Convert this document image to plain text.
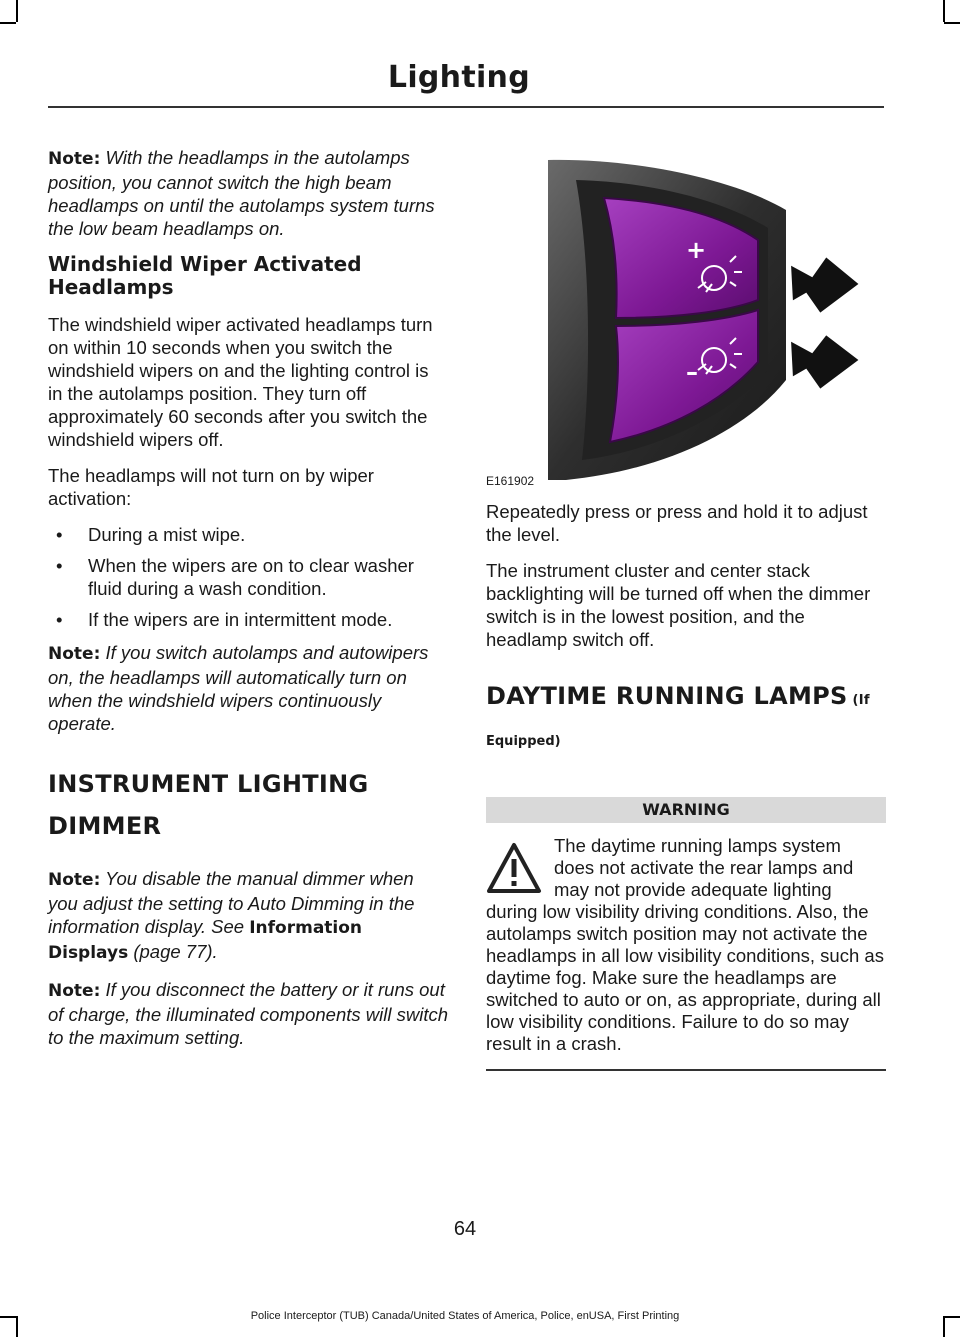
Lighting

Note: With the headlamps in the autolamps position, you cannot switch the high beam headlamps on until the autolamps system turns the low beam headlamps on.

Windshield Wiper Activated Headlamps

The windshield wiper activated headlamps turn on within 10 seconds when you switch the windshield wipers on and the lighting control is in the autolamps position. They turn off approximately 60 seconds after you switch the windshield wipers off.

The headlamps will not turn on by wiper activation:

• During a mist wipe.
• When the wipers are on to clear washer fluid during a wash condition.
• If the wipers are in intermittent mode.

Note: If you switch autolamps and autowipers on, the headlamps will automatically turn on when the windshield wipers continuously operate.

INSTRUMENT LIGHTING
DIMMER

Note: You disable the manual dimmer when you adjust the setting to Auto Dimming in the information display. See Information Displays (page 77).

Note: If you disconnect the battery or it runs out of charge, the illuminated components will switch to the maximum setting.

+
–
E161902

Repeatedly press or press and hold it to adjust the level.

The instrument cluster and center stack backlighting will be turned off when the dimmer switch is in the lowest position, and the headlamp switch off.

DAYTIME RUNNING LAMPS (If
Equipped)
WARNING
The daytime running lamps system does not activate the rear lamps and may not provide adequate lighting during low visibility driving conditions. Also, the autolamps switch position may not activate the headlamps in all low visibility conditions, such as daytime fog. Make sure the headlamps are switched to auto or on, as appropriate, during all low visibility conditions. Failure to do so may result in a crash.
64
Police Interceptor (TUB) Canada/United States of America, Police, enUSA, First Printing
